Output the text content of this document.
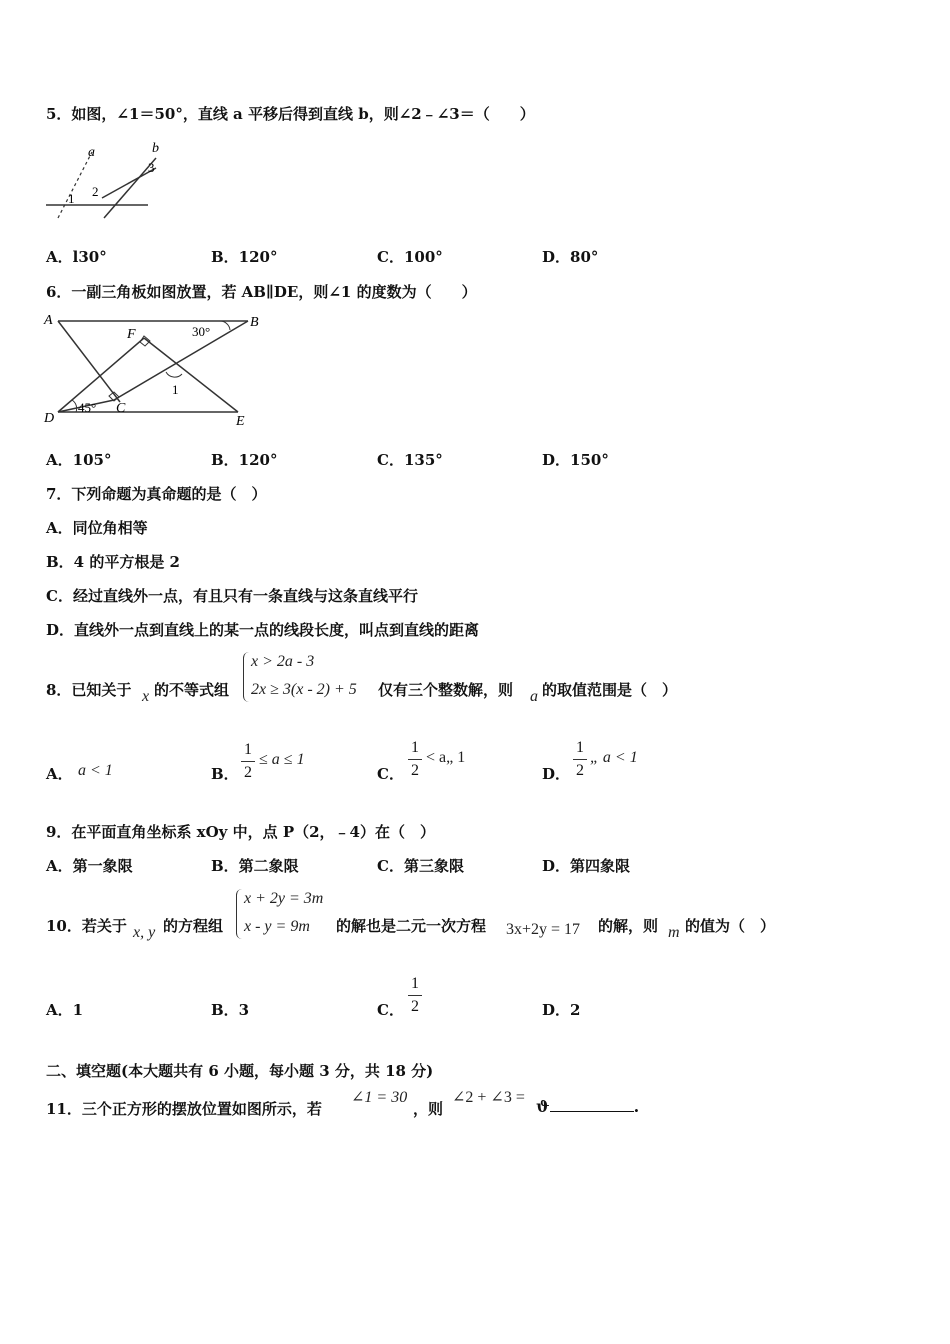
5．如图，∠1＝50°，直线 a 平移后得到直线 b，则∠2﹣∠3＝（　　）
a	b
1 2
3
A．l30°	B．120°	C．100°	D．80°
6．一副三角板如图放置，若 AB∥DE，则∠1 的度数为（　　）
A	B
D	E
F
C
30°
45°
1
A．105°	B．120°	C．135°	D．150°
7．下列命题为真命题的是（　）
A．同位角相等
B．4 的平方根是 2
C．经过直线外一点，有且只有一条直线与这条直线平行
D．直线外一点到直线上的某一点的线段长度，叫点到直线的距离
8．已知关于 x 的不等式组
x > 2a - 3
2x ≥ 3(x - 2) + 5 仅有三个整数解，则 a 的取值范围是（　）
A． a < 1	B．
1
2
≤ a ≤ 1
C．
1
2
< a„ 1
D．
1
2
„ a < 1
9．在平面直角坐标系 xOy 中，点 P（2，﹣4）在（　）
A．第一象限	B．第二象限	C．第三象限	D．第四象限
10．若关于 x, y 的方程组
x + 2y = 3m
x - y = 9m 的解也是二元一次方程 3x+2y = 17 的解，则 m 的值为（　）
A．1	B．3	C．
1
2	D．2
二、填空题(本大题共有 6 小题，每小题 3 分，共 18 分)
11．三个正方形的摆放位置如图所示，若
∠1 = 30
，则
∠2 + ∠3 = ϑ	.
